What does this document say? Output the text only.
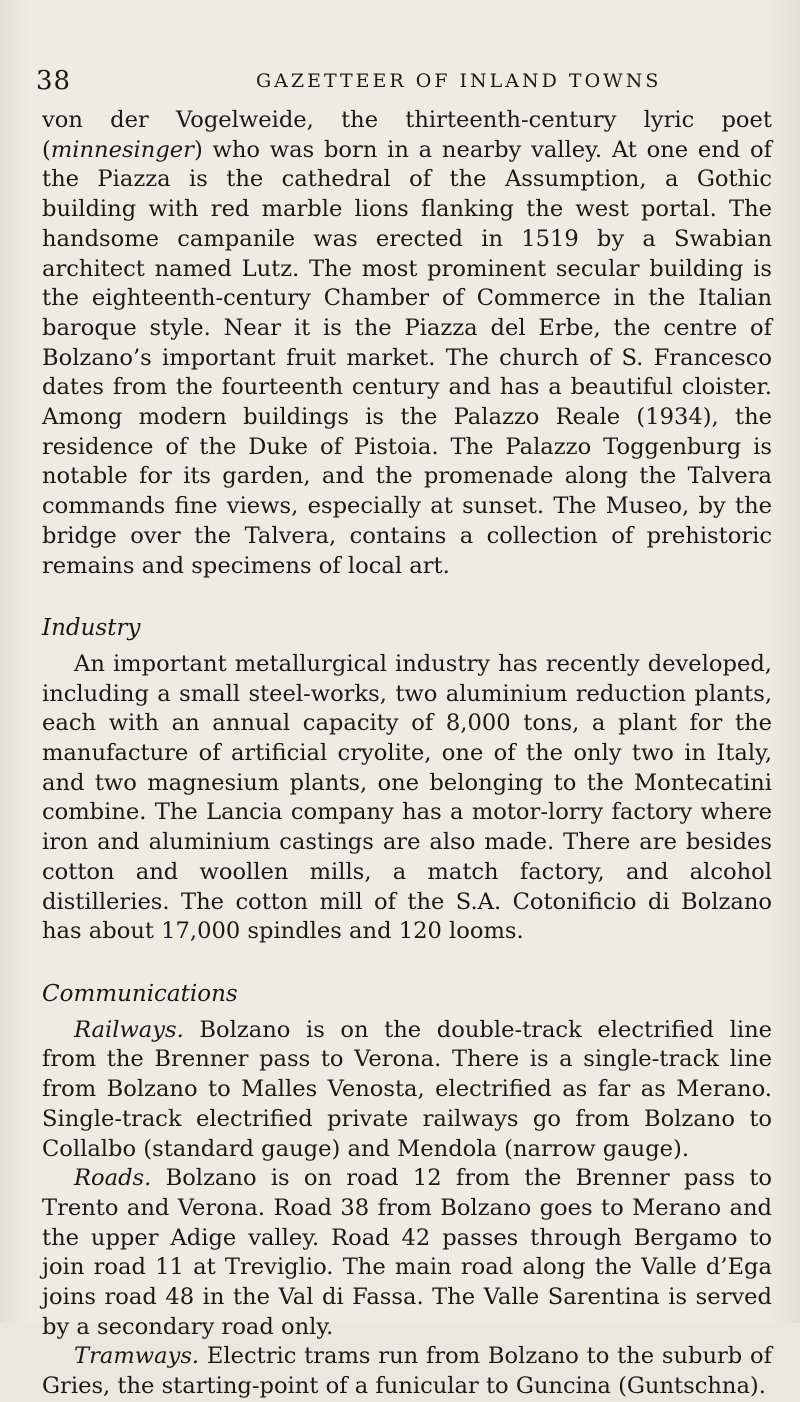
38	GAZETTEER OF INLAND TOWNS

von der Vogelweide, the thirteenth-century lyric poet (minnesinger) who was born in a nearby valley. At one end of the Piazza is the cathedral of the Assumption, a Gothic building with red marble lions flanking the west portal. The handsome campanile was erected in 1519 by a Swabian architect named Lutz. The most prominent secular building is the eighteenth-century Chamber of Commerce in the Italian baroque style. Near it is the Piazza del Erbe, the centre of Bolzano’s important fruit market. The church of S. Francesco dates from the fourteenth century and has a beautiful cloister. Among modern buildings is the Palazzo Reale (1934), the residence of the Duke of Pistoia. The Palazzo Toggenburg is notable for its garden, and the promenade along the Talvera commands fine views, especially at sunset. The Museo, by the bridge over the Talvera, contains a collection of prehistoric remains and specimens of local art.

Industry

An important metallurgical industry has recently developed, including a small steel-works, two aluminium reduction plants, each with an annual capacity of 8,000 tons, a plant for the manufacture of artificial cryolite, one of the only two in Italy, and two magnesium plants, one belonging to the Montecatini combine. The Lancia company has a motor-lorry factory where iron and aluminium castings are also made. There are besides cotton and woollen mills, a match factory, and alcohol distilleries. The cotton mill of the S.A. Cotonificio di Bolzano has about 17,000 spindles and 120 looms.

Communications

Railways. Bolzano is on the double-track electrified line from the Brenner pass to Verona. There is a single-track line from Bolzano to Malles Venosta, electrified as far as Merano. Single-track electrified private railways go from Bolzano to Collalbo (standard gauge) and Mendola (narrow gauge).

Roads. Bolzano is on road 12 from the Brenner pass to Trento and Verona. Road 38 from Bolzano goes to Merano and the upper Adige valley. Road 42 passes through Bergamo to join road 11 at Treviglio. The main road along the Valle d’Ega joins road 48 in the Val di Fassa. The Valle Sarentina is served by a secondary road only.

Tramways. Electric trams run from Bolzano to the suburb of Gries, the starting-point of a funicular to Guncina (Guntschna).
